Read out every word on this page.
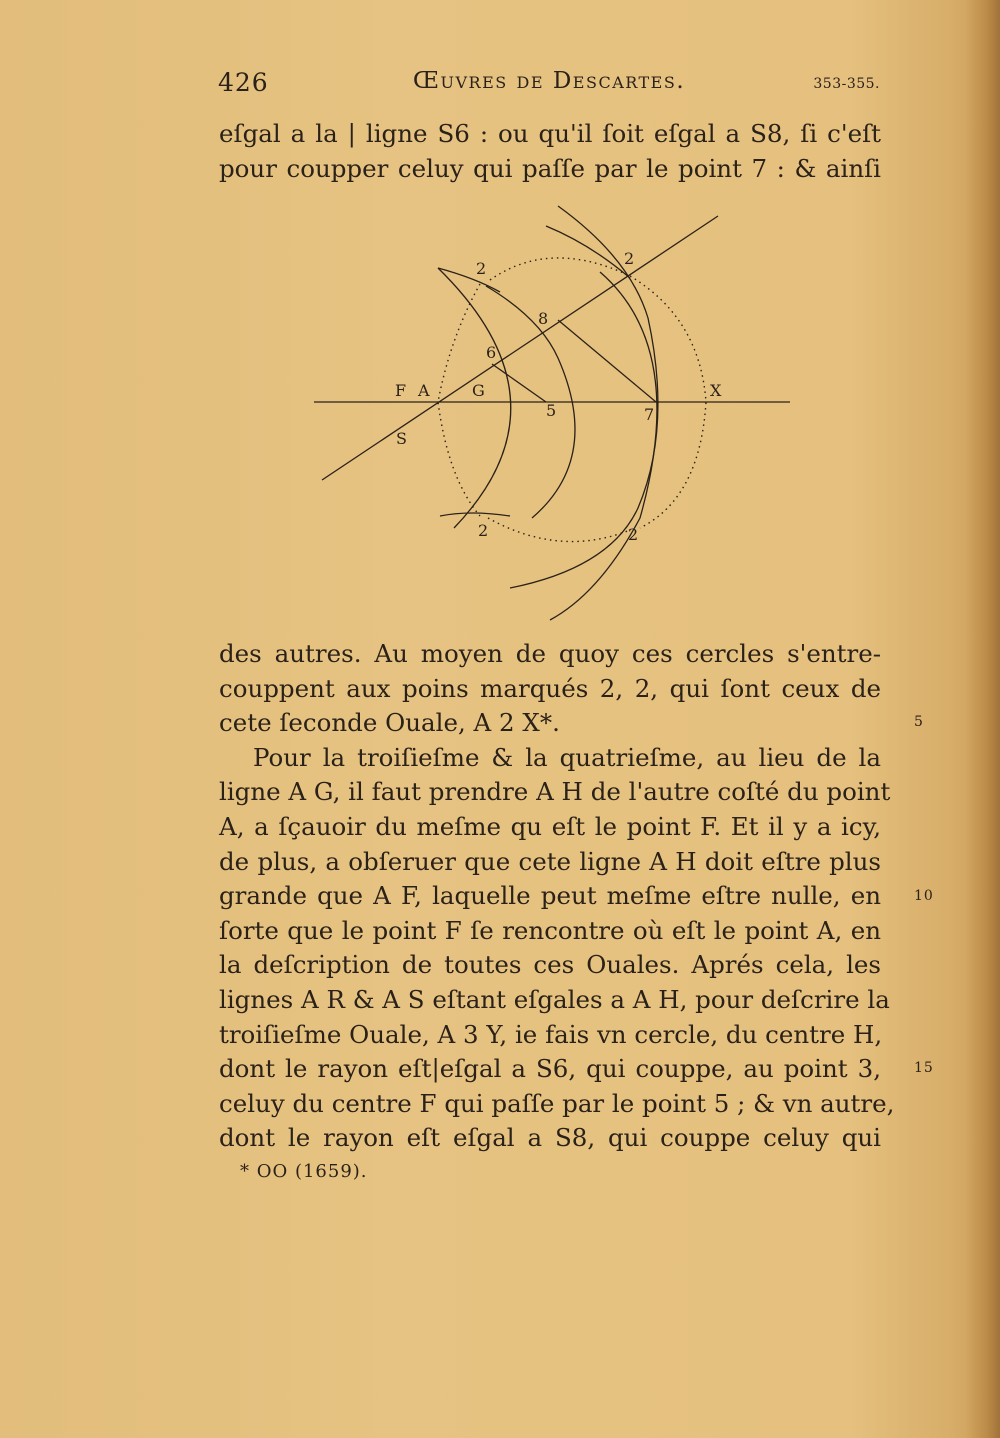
426	Œuvres de Descartes.	353-355.
eſgal a la | ligne S6 : ou qu'il ſoit eſgal a S8, ſi c'eſt
pour coupper celuy qui paſſe par le point 7 : & ainſi
F A	G	X
S
6
8
5	7
2
2
2	2
des autres. Au moyen de quoy ces cercles s'entre-
couppent aux poins marqués 2, 2, qui ſont ceux de
cete ſeconde Ouale, A 2 X*.
Pour la troiſieſme & la quatrieſme, au lieu de la
ligne A G, il faut prendre A H de l'autre coſté du point
A, a ſçauoir du meſme qu eſt le point F. Et il y a icy,
de plus, a obſeruer que cete ligne A H doit eſtre plus
grande que A F, laquelle peut meſme eſtre nulle, en
ſorte que le point F ſe rencontre où eſt le point A, en
la deſcription de toutes ces Ouales. Aprés cela, les
lignes A R & A S eſtant eſgales a A H, pour deſcrire la
troiſieſme Ouale, A 3 Y, ie fais vn cercle, du centre H,
dont le rayon eſt|eſgal a S6, qui couppe, au point 3,
celuy du centre F qui paſſe par le point 5 ; & vn autre,
dont le rayon eſt eſgal a S8, qui couppe celuy qui
5
10
15
* OO (1659).
